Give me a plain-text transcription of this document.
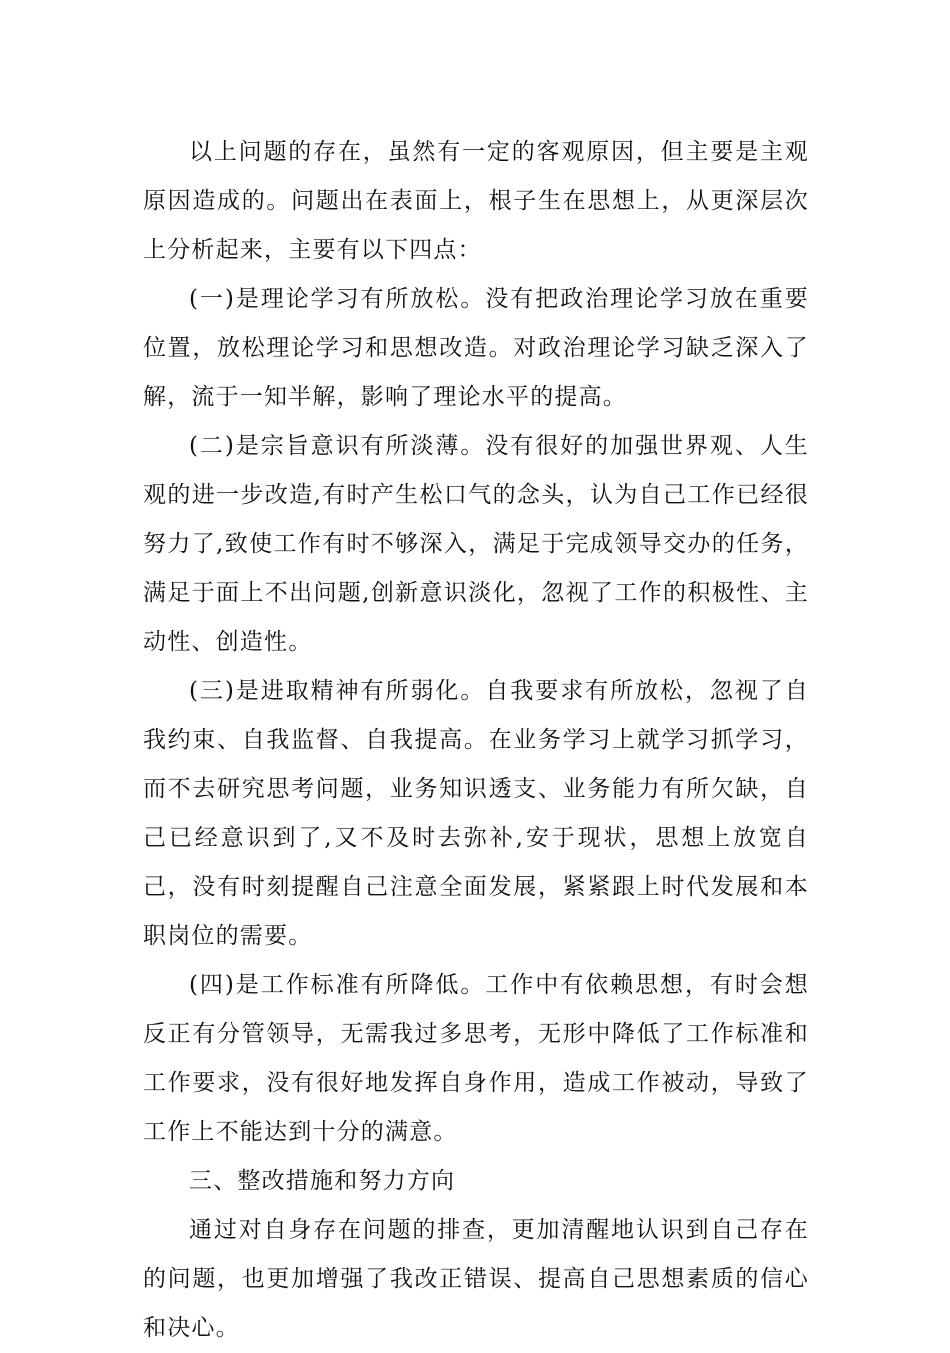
以上问题的存在，虽然有一定的客观原因，但主要是主观原因造成的。问题出在表面上，根子生在思想上，从更深层次上分析起来，主要有以下四点：

(一)是理论学习有所放松。没有把政治理论学习放在重要位置，放松理论学习和思想改造。对政治理论学习缺乏深入了解，流于一知半解，影响了理论水平的提高。

(二)是宗旨意识有所淡薄。没有很好的加强世界观、人生观的进一步改造,有时产生松口气的念头，认为自己工作已经很努力了,致使工作有时不够深入，满足于完成领导交办的任务，满足于面上不出问题,创新意识淡化，忽视了工作的积极性、主动性、创造性。

(三)是进取精神有所弱化。自我要求有所放松，忽视了自我约束、自我监督、自我提高。在业务学习上就学习抓学习，而不去研究思考问题，业务知识透支、业务能力有所欠缺，自己已经意识到了,又不及时去弥补,安于现状，思想上放宽自己，没有时刻提醒自己注意全面发展，紧紧跟上时代发展和本职岗位的需要。

(四)是工作标准有所降低。工作中有依赖思想，有时会想反正有分管领导，无需我过多思考，无形中降低了工作标准和工作要求，没有很好地发挥自身作用，造成工作被动，导致了工作上不能达到十分的满意。

三、整改措施和努力方向

通过对自身存在问题的排查，更加清醒地认识到自己存在的问题，也更加增强了我改正错误、提高自己思想素质的信心和决心。
